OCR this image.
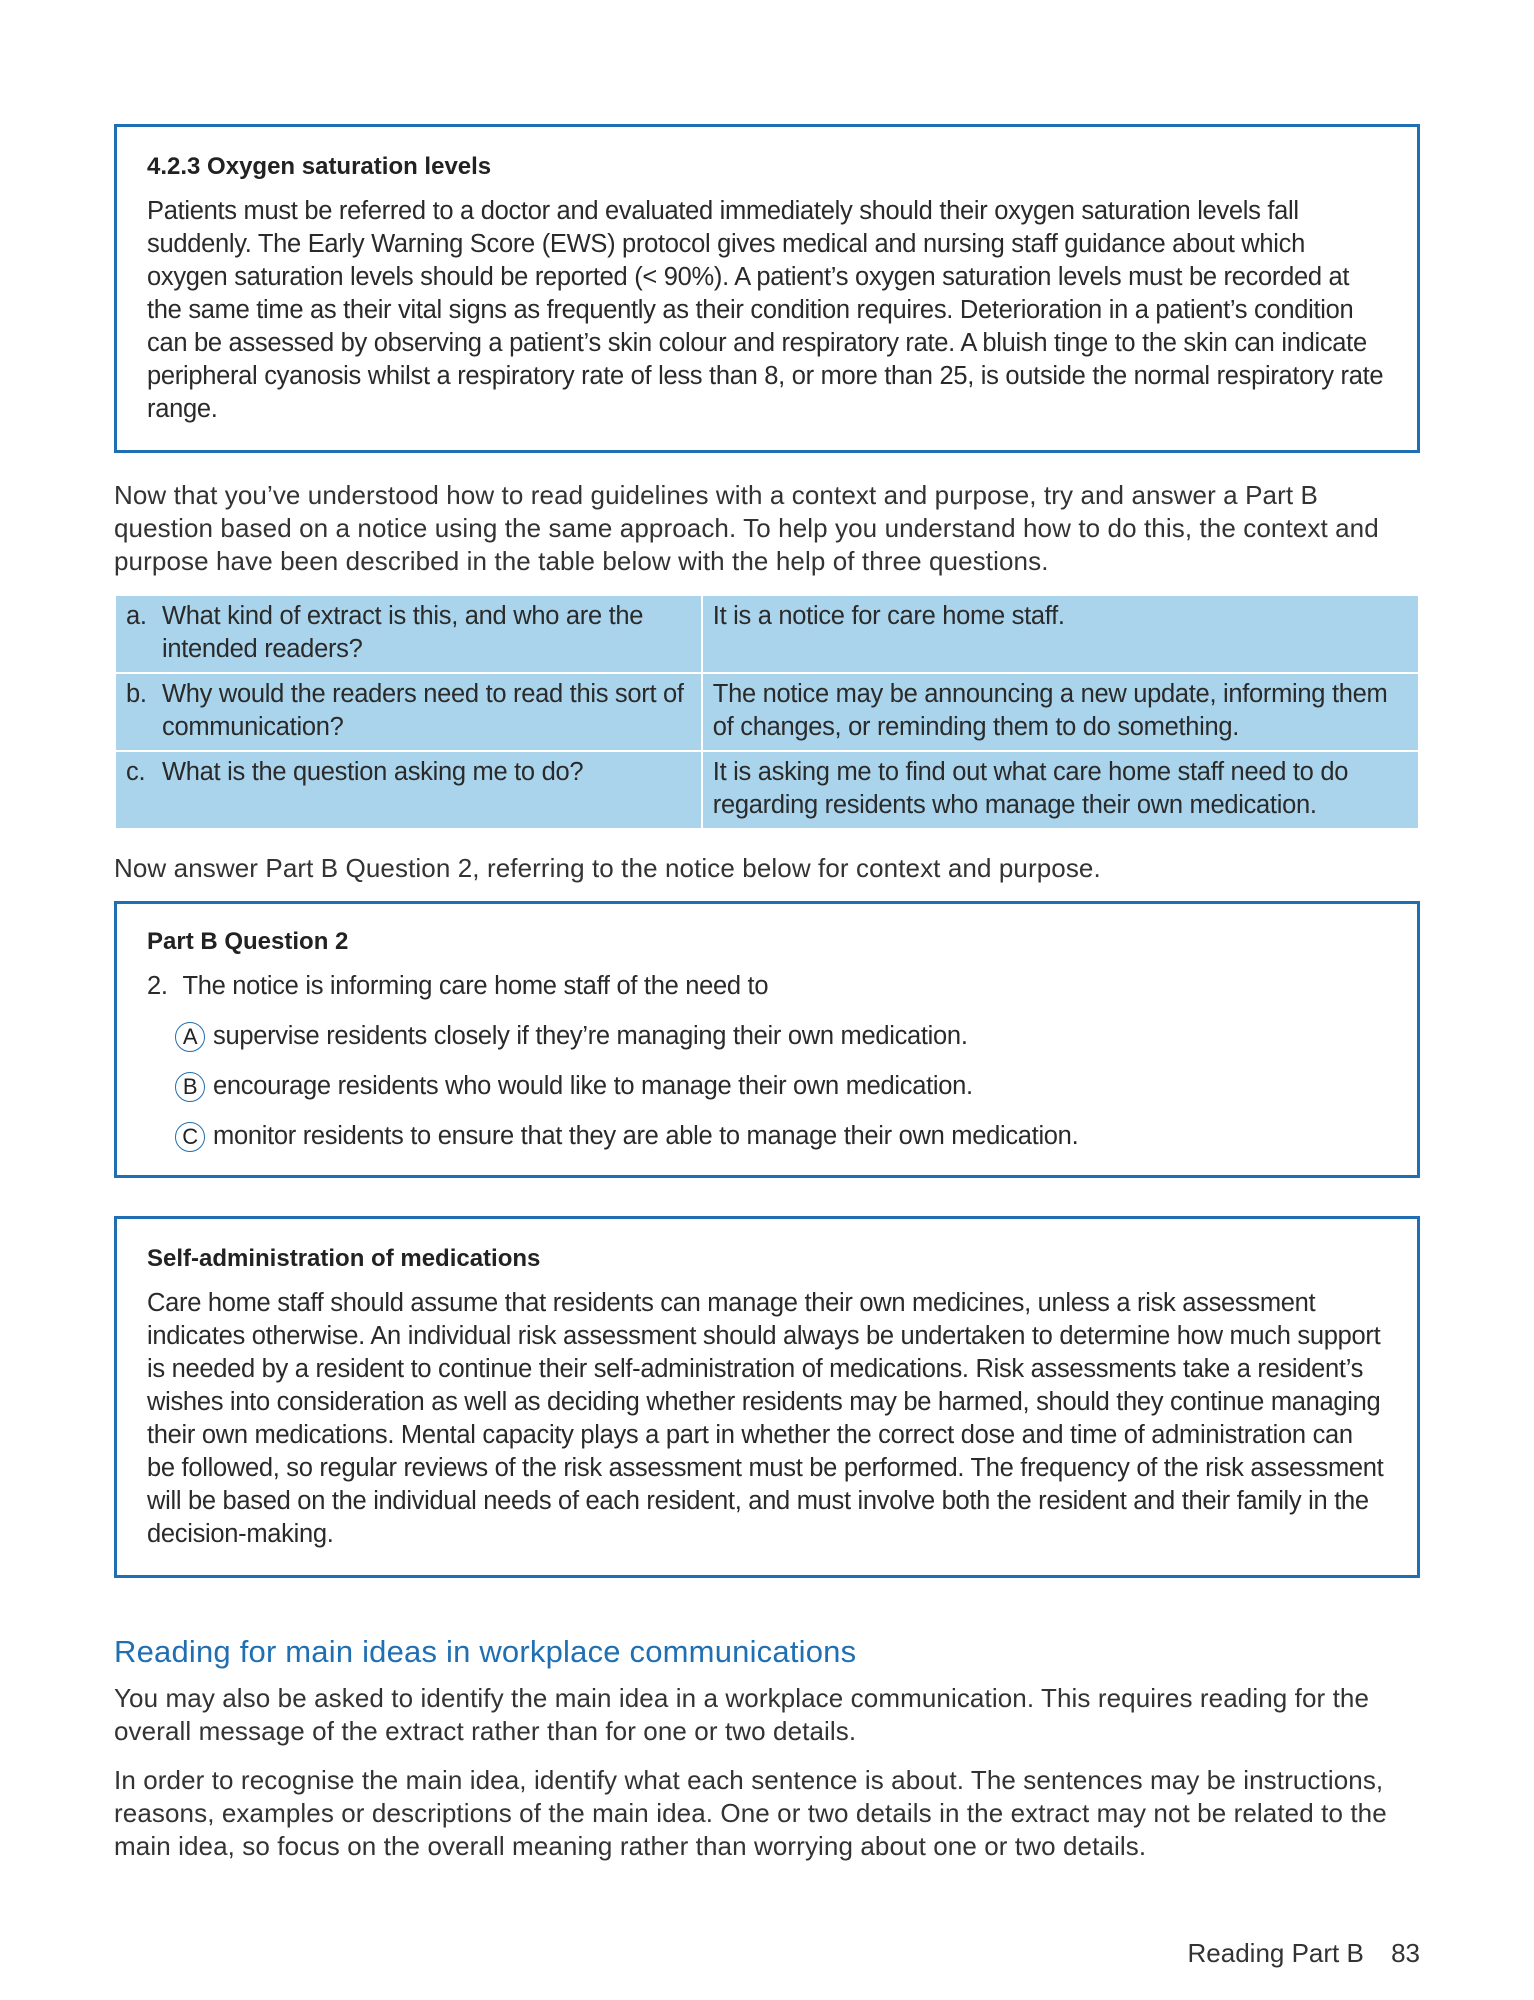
4.2.3 Oxygen saturation levels

Patients must be referred to a doctor and evaluated immediately should their oxygen saturation levels fall suddenly. The Early Warning Score (EWS) protocol gives medical and nursing staff guidance about which oxygen saturation levels should be reported (< 90%). A patient’s oxygen saturation levels must be recorded at the same time as their vital signs as frequently as their condition requires. Deterioration in a patient’s condition can be assessed by observing a patient’s skin colour and respiratory rate. A bluish tinge to the skin can indicate peripheral cyanosis whilst a respiratory rate of less than 8, or more than 25, is outside the normal respiratory rate range.

Now that you’ve understood how to read guidelines with a context and purpose, try and answer a Part B question based on a notice using the same approach. To help you understand how to do this, the context and purpose have been described in the table below with the help of three questions.

a. What kind of extract is this, and who are the intended readers?	It is a notice for care home staff.

b. Why would the readers need to read this sort of communication?	The notice may be announcing a new update, informing them of changes, or reminding them to do something.

c. What is the question asking me to do?	It is asking me to find out what care home staff need to do regarding residents who manage their own medication.

Now answer Part B Question 2, referring to the notice below for context and purpose.

Part B Question 2
2. The notice is informing care home staff of the need to
A supervise residents closely if they’re managing their own medication.
B encourage residents who would like to manage their own medication.
C monitor residents to ensure that they are able to manage their own medication.
Self-administration of medications

Care home staff should assume that residents can manage their own medicines, unless a risk assessment indicates otherwise. An individual risk assessment should always be undertaken to determine how much support is needed by a resident to continue their self-administration of medications. Risk assessments take a resident’s wishes into consideration as well as deciding whether residents may be harmed, should they continue managing their own medications. Mental capacity plays a part in whether the correct dose and time of administration can be followed, so regular reviews of the risk assessment must be performed. The frequency of the risk assessment will be based on the individual needs of each resident, and must involve both the resident and their family in the decision-making.

Reading for main ideas in workplace communications

You may also be asked to identify the main idea in a workplace communication. This requires reading for the overall message of the extract rather than for one or two details.

In order to recognise the main idea, identify what each sentence is about. The sentences may be instructions, reasons, examples or descriptions of the main idea. One or two details in the extract may not be related to the main idea, so focus on the overall meaning rather than worrying about one or two details.

Reading Part B 83
